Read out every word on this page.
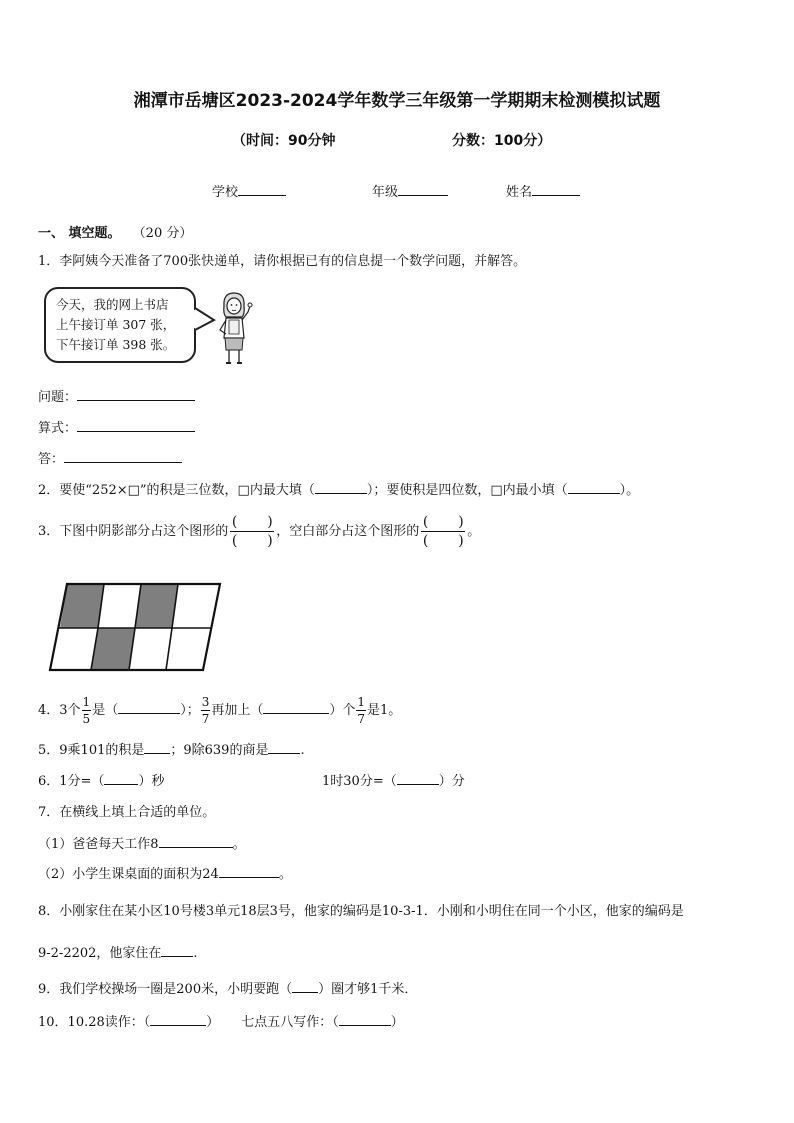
湘潭市岳塘区2023-2024学年数学三年级第一学期期末检测模拟试题
（时间：90分钟	分数：100分）
学校	年级	姓名
一、 填空题。 （20 分）
1．李阿姨今天准备了700张快递单，请你根据已有的信息提一个数学问题，并解答。
今天，我的网上书店
上午接订单 307 张，
下午接订单 398 张。
问题：
算式：
答：
2．要使“252×□”的积是三位数，□内最大填（	）；要使积是四位数，□内最小填（	）。
3．下图中阴影部分占这个图形的
( )
( )
，空白部分占这个图形的
( )
( )
。
4．3个 $\frac{1}{5}$ 是（	）； $\frac{3}{7}$ 再加上（	）个 $\frac{1}{7}$ 是1。
5．9乘101的积是 ；9除639的商是 .
6．1分=（	）秒	1时30分=（	）分
7．在横线上填上合适的单位。
（1）爸爸每天工作8	。
（2）小学生课桌面的面积为24	。
8．小刚家住在某小区10号楼3单元18层3号，他家的编码是10-3-1．小刚和小明住在同一个小区，他家的编码是
9-2-2202，他家住在 .
9．我们学校操场一圈是200米，小明要跑（ ）圈才够1千米．
10．10.28读作：（	） 七点五八写作：（	）
